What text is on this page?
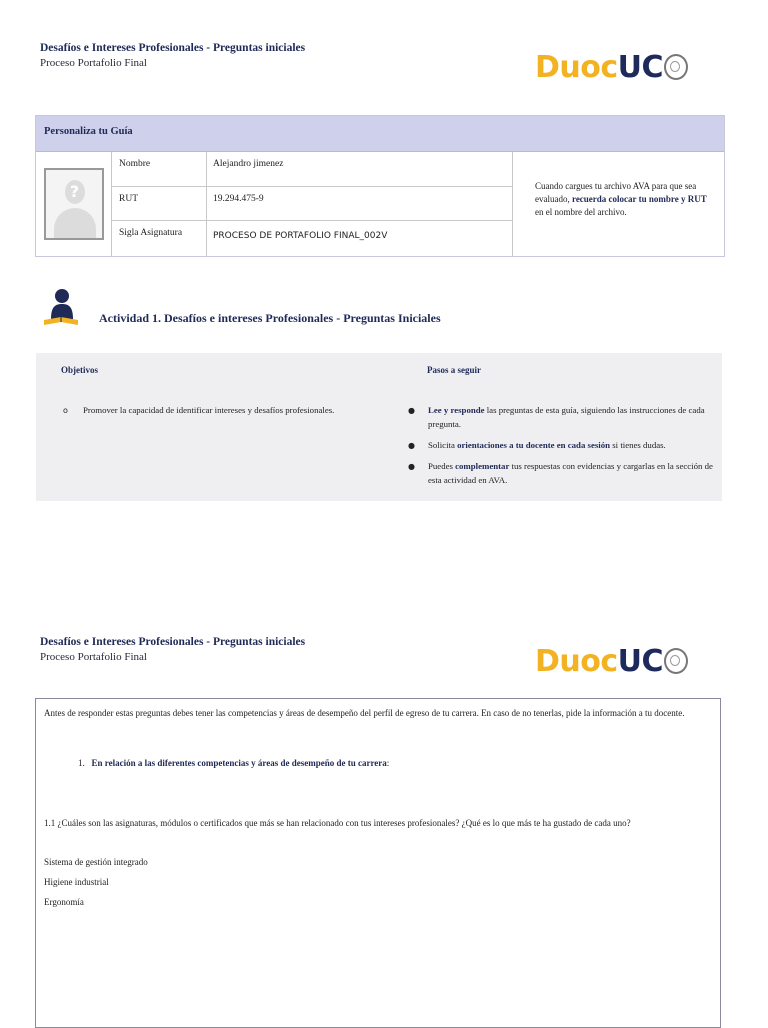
Desafíos e Intereses Profesionales - Preguntas iniciales
Proceso Portafolio Final	DuocUC
Personaliza tu Guía
?
Nombre	Alejandro jimenez
RUT	19.294.475-9
Sigla Asignatura	PROCESO DE PORTAFOLIO FINAL_002V
Cuando cargues tu archivo AVA para que sea evaluado, recuerda colocar tu nombre y RUT en el nombre del archivo.
Actividad 1. Desafíos e intereses Profesionales - Preguntas Iniciales
Objetivos	Pasos a seguir
o Promover la capacidad de identificar intereses y desafíos profesionales.	● Lee y responde las preguntas de esta guía, siguiendo las instrucciones de cada pregunta.
● Solicita orientaciones a tu docente en cada sesión si tienes dudas.
● Puedes complementar tus respuestas con evidencias y cargarlas en la sección de esta actividad en AVA.
Desafíos e Intereses Profesionales - Preguntas iniciales
Proceso Portafolio Final	DuocUC
Antes de responder estas preguntas debes tener las competencias y áreas de desempeño del perfil de egreso de tu carrera. En caso de no tenerlas, pide la información a tu docente.
1. En relación a las diferentes competencias y áreas de desempeño de tu carrera:
1.1 ¿Cuáles son las asignaturas, módulos o certificados que más se han relacionado con tus intereses profesionales? ¿Qué es lo que más te ha gustado de cada uno?
Sistema de gestión integrado
Higiene industrial
Ergonomía
